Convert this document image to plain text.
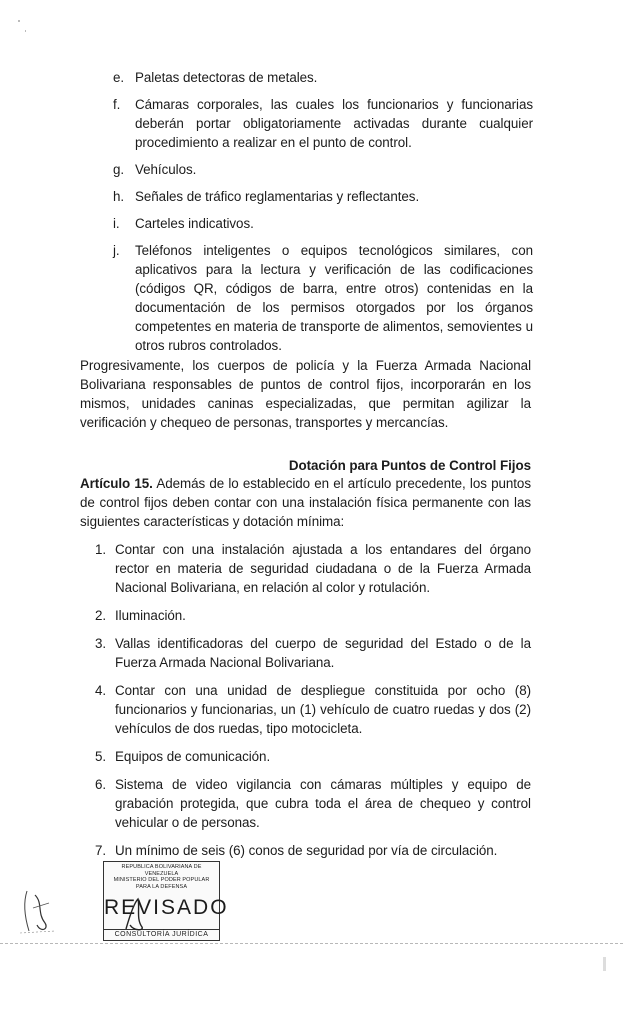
e. Paletas detectoras de metales.
f. Cámaras corporales, las cuales los funcionarios y funcionarias deberán portar obligatoriamente activadas durante cualquier procedimiento a realizar en el punto de control.
g. Vehículos.
h. Señales de tráfico reglamentarias y reflectantes.
i. Carteles indicativos.
j. Teléfonos inteligentes o equipos tecnológicos similares, con aplicativos para la lectura y verificación de las codificaciones (códigos QR, códigos de barra, entre otros) contenidas en la documentación de los permisos otorgados por los órganos competentes en materia de transporte de alimentos, semovientes u otros rubros controlados.

Progresivamente, los cuerpos de policía y la Fuerza Armada Nacional Bolivariana responsables de puntos de control fijos, incorporarán en los mismos, unidades caninas especializadas, que permitan agilizar la verificación y chequeo de personas, transportes y mercancías.

Dotación para Puntos de Control Fijos

Artículo 15. Además de lo establecido en el artículo precedente, los puntos de control fijos deben contar con una instalación física permanente con las siguientes características y dotación mínima:

1. Contar con una instalación ajustada a los entandares del órgano rector en materia de seguridad ciudadana o de la Fuerza Armada Nacional Bolivariana, en relación al color y rotulación.
2. Iluminación.
3. Vallas identificadoras del cuerpo de seguridad del Estado o de la Fuerza Armada Nacional Bolivariana.
4. Contar con una unidad de despliegue constituida por ocho (8) funcionarios y funcionarias, un (1) vehículo de cuatro ruedas y dos (2) vehículos de dos ruedas, tipo motocicleta.
5. Equipos de comunicación.
6. Sistema de video vigilancia con cámaras múltiples y equipo de grabación protegida, que cubra toda el área de chequeo y control vehicular o de personas.
7. Un mínimo de seis (6) conos de seguridad por vía de circulación.
REPUBLICA BOLIVARIANA DE VENEZUELA
MINISTERIO DEL PODER POPULAR
PARA LA DEFENSA
REVISADO
CONSULTORÍA JURÍDICA
